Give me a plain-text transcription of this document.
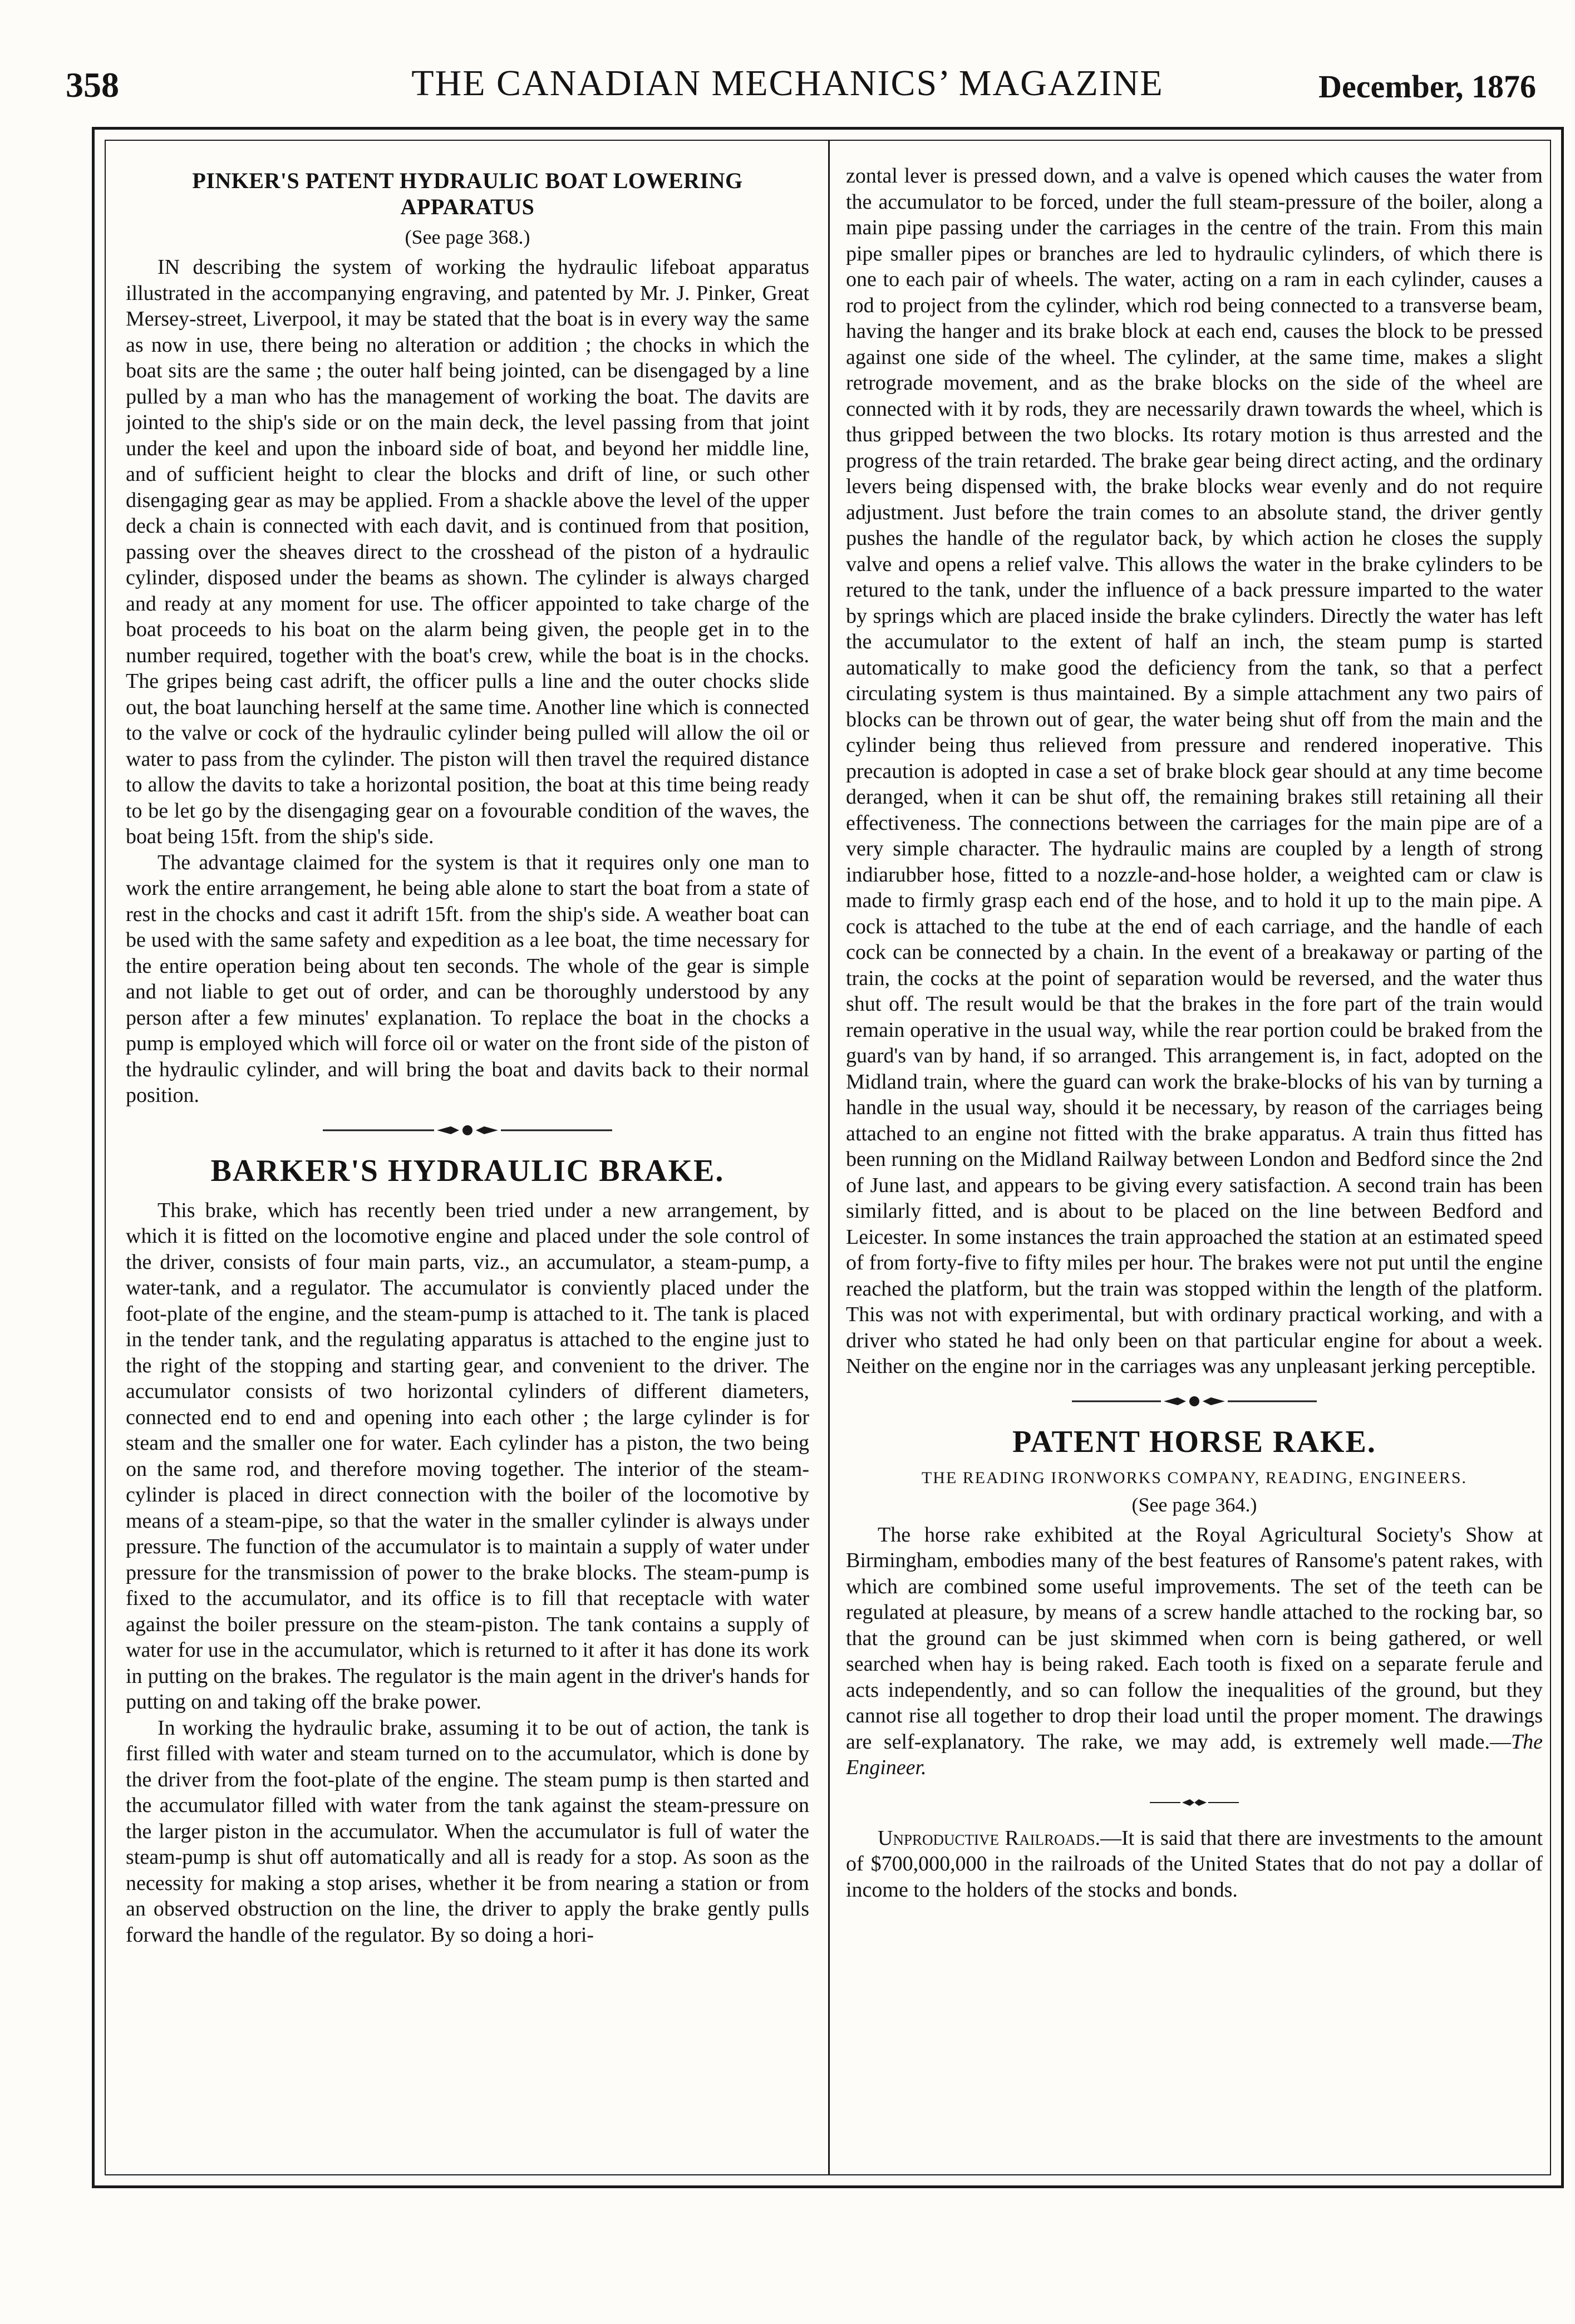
358	THE CANADIAN MECHANICS’ MAGAZINE	December, 1876
PINKER'S PATENT HYDRAULIC BOAT LOWERING APPARATUS
(See page 368.)

IN describing the system of working the hydraulic lifeboat apparatus illustrated in the accompanying engraving, and patented by Mr. J. Pinker, Great Mersey-street, Liverpool, it may be stated that the boat is in every way the same as now in use, there being no alteration or addition ; the chocks in which the boat sits are the same ; the outer half being jointed, can be disengaged by a line pulled by a man who has the management of working the boat. The davits are jointed to the ship's side or on the main deck, the level passing from that joint under the keel and upon the inboard side of boat, and beyond her middle line, and of sufficient height to clear the blocks and drift of line, or such other disengaging gear as may be applied. From a shackle above the level of the upper deck a chain is connected with each davit, and is continued from that position, passing over the sheaves direct to the crosshead of the piston of a hydraulic cylinder, disposed under the beams as shown. The cylinder is always charged and ready at any moment for use. The officer appointed to take charge of the boat proceeds to his boat on the alarm being given, the people get in to the number required, together with the boat's crew, while the boat is in the chocks. The gripes being cast adrift, the officer pulls a line and the outer chocks slide out, the boat launching herself at the same time. Another line which is connected to the valve or cock of the hydraulic cylinder being pulled will allow the oil or water to pass from the cylinder. The piston will then travel the required distance to allow the davits to take a horizontal position, the boat at this time being ready to be let go by the disengaging gear on a fovourable condition of the waves, the boat being 15ft. from the ship's side.

The advantage claimed for the system is that it requires only one man to work the entire arrangement, he being able alone to start the boat from a state of rest in the chocks and cast it adrift 15ft. from the ship's side. A weather boat can be used with the same safety and expedition as a lee boat, the time necessary for the entire operation being about ten seconds. The whole of the gear is simple and not liable to get out of order, and can be thoroughly understood by any person after a few minutes' explanation. To replace the boat in the chocks a pump is employed which will force oil or water on the front side of the piston of the hydraulic cylinder, and will bring the boat and davits back to their normal position.

BARKER'S HYDRAULIC BRAKE.

This brake, which has recently been tried under a new arrangement, by which it is fitted on the locomotive engine and placed under the sole control of the driver, consists of four main parts, viz., an accumulator, a steam-pump, a water-tank, and a regulator. The accumulator is conviently placed under the foot-plate of the engine, and the steam-pump is attached to it. The tank is placed in the tender tank, and the regulating apparatus is attached to the engine just to the right of the stopping and starting gear, and convenient to the driver. The accumulator consists of two horizontal cylinders of different diameters, connected end to end and opening into each other ; the large cylinder is for steam and the smaller one for water. Each cylinder has a piston, the two being on the same rod, and therefore moving together. The interior of the steam-cylinder is placed in direct connection with the boiler of the locomotive by means of a steam-pipe, so that the water in the smaller cylinder is always under pressure. The function of the accumulator is to maintain a supply of water under pressure for the transmission of power to the brake blocks. The steam-pump is fixed to the accumulator, and its office is to fill that receptacle with water against the boiler pressure on the steam-piston. The tank contains a supply of water for use in the accumulator, which is returned to it after it has done its work in putting on the brakes. The regulator is the main agent in the driver's hands for putting on and taking off the brake power.

In working the hydraulic brake, assuming it to be out of action, the tank is first filled with water and steam turned on to the accumulator, which is done by the driver from the foot-plate of the engine. The steam pump is then started and the accumulator filled with water from the tank against the steam-pressure on the larger piston in the accumulator. When the accumulator is full of water the steam-pump is shut off automatically and all is ready for a stop. As soon as the necessity for making a stop arises, whether it be from nearing a station or from an observed obstruction on the line, the driver to apply the brake gently pulls forward the handle of the regulator. By so doing a hori-

zontal lever is pressed down, and a valve is opened which causes the water from the accumulator to be forced, under the full steam-pressure of the boiler, along a main pipe passing under the carriages in the centre of the train. From this main pipe smaller pipes or branches are led to hydraulic cylinders, of which there is one to each pair of wheels. The water, acting on a ram in each cylinder, causes a rod to project from the cylinder, which rod being connected to a transverse beam, having the hanger and its brake block at each end, causes the block to be pressed against one side of the wheel. The cylinder, at the same time, makes a slight retrograde movement, and as the brake blocks on the side of the wheel are connected with it by rods, they are necessarily drawn towards the wheel, which is thus gripped between the two blocks. Its rotary motion is thus arrested and the progress of the train retarded. The brake gear being direct acting, and the ordinary levers being dispensed with, the brake blocks wear evenly and do not require adjustment. Just before the train comes to an absolute stand, the driver gently pushes the handle of the regulator back, by which action he closes the supply valve and opens a relief valve. This allows the water in the brake cylinders to be retured to the tank, under the influence of a back pressure imparted to the water by springs which are placed inside the brake cylinders. Directly the water has left the accumulator to the extent of half an inch, the steam pump is started automatically to make good the deficiency from the tank, so that a perfect circulating system is thus maintained. By a simple attachment any two pairs of blocks can be thrown out of gear, the water being shut off from the main and the cylinder being thus relieved from pressure and rendered inoperative. This precaution is adopted in case a set of brake block gear should at any time become deranged, when it can be shut off, the remaining brakes still retaining all their effectiveness. The connections between the carriages for the main pipe are of a very simple character. The hydraulic mains are coupled by a length of strong indiarubber hose, fitted to a nozzle-and-hose holder, a weighted cam or claw is made to firmly grasp each end of the hose, and to hold it up to the main pipe. A cock is attached to the tube at the end of each carriage, and the handle of each cock can be connected by a chain. In the event of a breakaway or parting of the train, the cocks at the point of separation would be reversed, and the water thus shut off. The result would be that the brakes in the fore part of the train would remain operative in the usual way, while the rear portion could be braked from the guard's van by hand, if so arranged. This arrangement is, in fact, adopted on the Midland train, where the guard can work the brake-blocks of his van by turning a handle in the usual way, should it be necessary, by reason of the carriages being attached to an engine not fitted with the brake apparatus. A train thus fitted has been running on the Midland Railway between London and Bedford since the 2nd of June last, and appears to be giving every satisfaction. A second train has been similarly fitted, and is about to be placed on the line between Bedford and Leicester. In some instances the train approached the station at an estimated speed of from forty-five to fifty miles per hour. The brakes were not put until the engine reached the platform, but the train was stopped within the length of the platform. This was not with experimental, but with ordinary practical working, and with a driver who stated he had only been on that particular engine for about a week. Neither on the engine nor in the carriages was any unpleasant jerking perceptible.

PATENT HORSE RAKE.
THE READING IRONWORKS COMPANY, READING, ENGINEERS.
(See page 364.)

The horse rake exhibited at the Royal Agricultural Society's Show at Birmingham, embodies many of the best features of Ransome's patent rakes, with which are combined some useful improvements. The set of the teeth can be regulated at pleasure, by means of a screw handle attached to the rocking bar, so that the ground can be just skimmed when corn is being gathered, or well searched when hay is being raked. Each tooth is fixed on a separate ferule and acts independently, and so can follow the inequalities of the ground, but they cannot rise all together to drop their load until the proper moment. The drawings are self-explanatory. The rake, we may add, is extremely well made.—The Engineer.

Unproductive Railroads.—It is said that there are investments to the amount of $700,000,000 in the railroads of the United States that do not pay a dollar of income to the holders of the stocks and bonds.
